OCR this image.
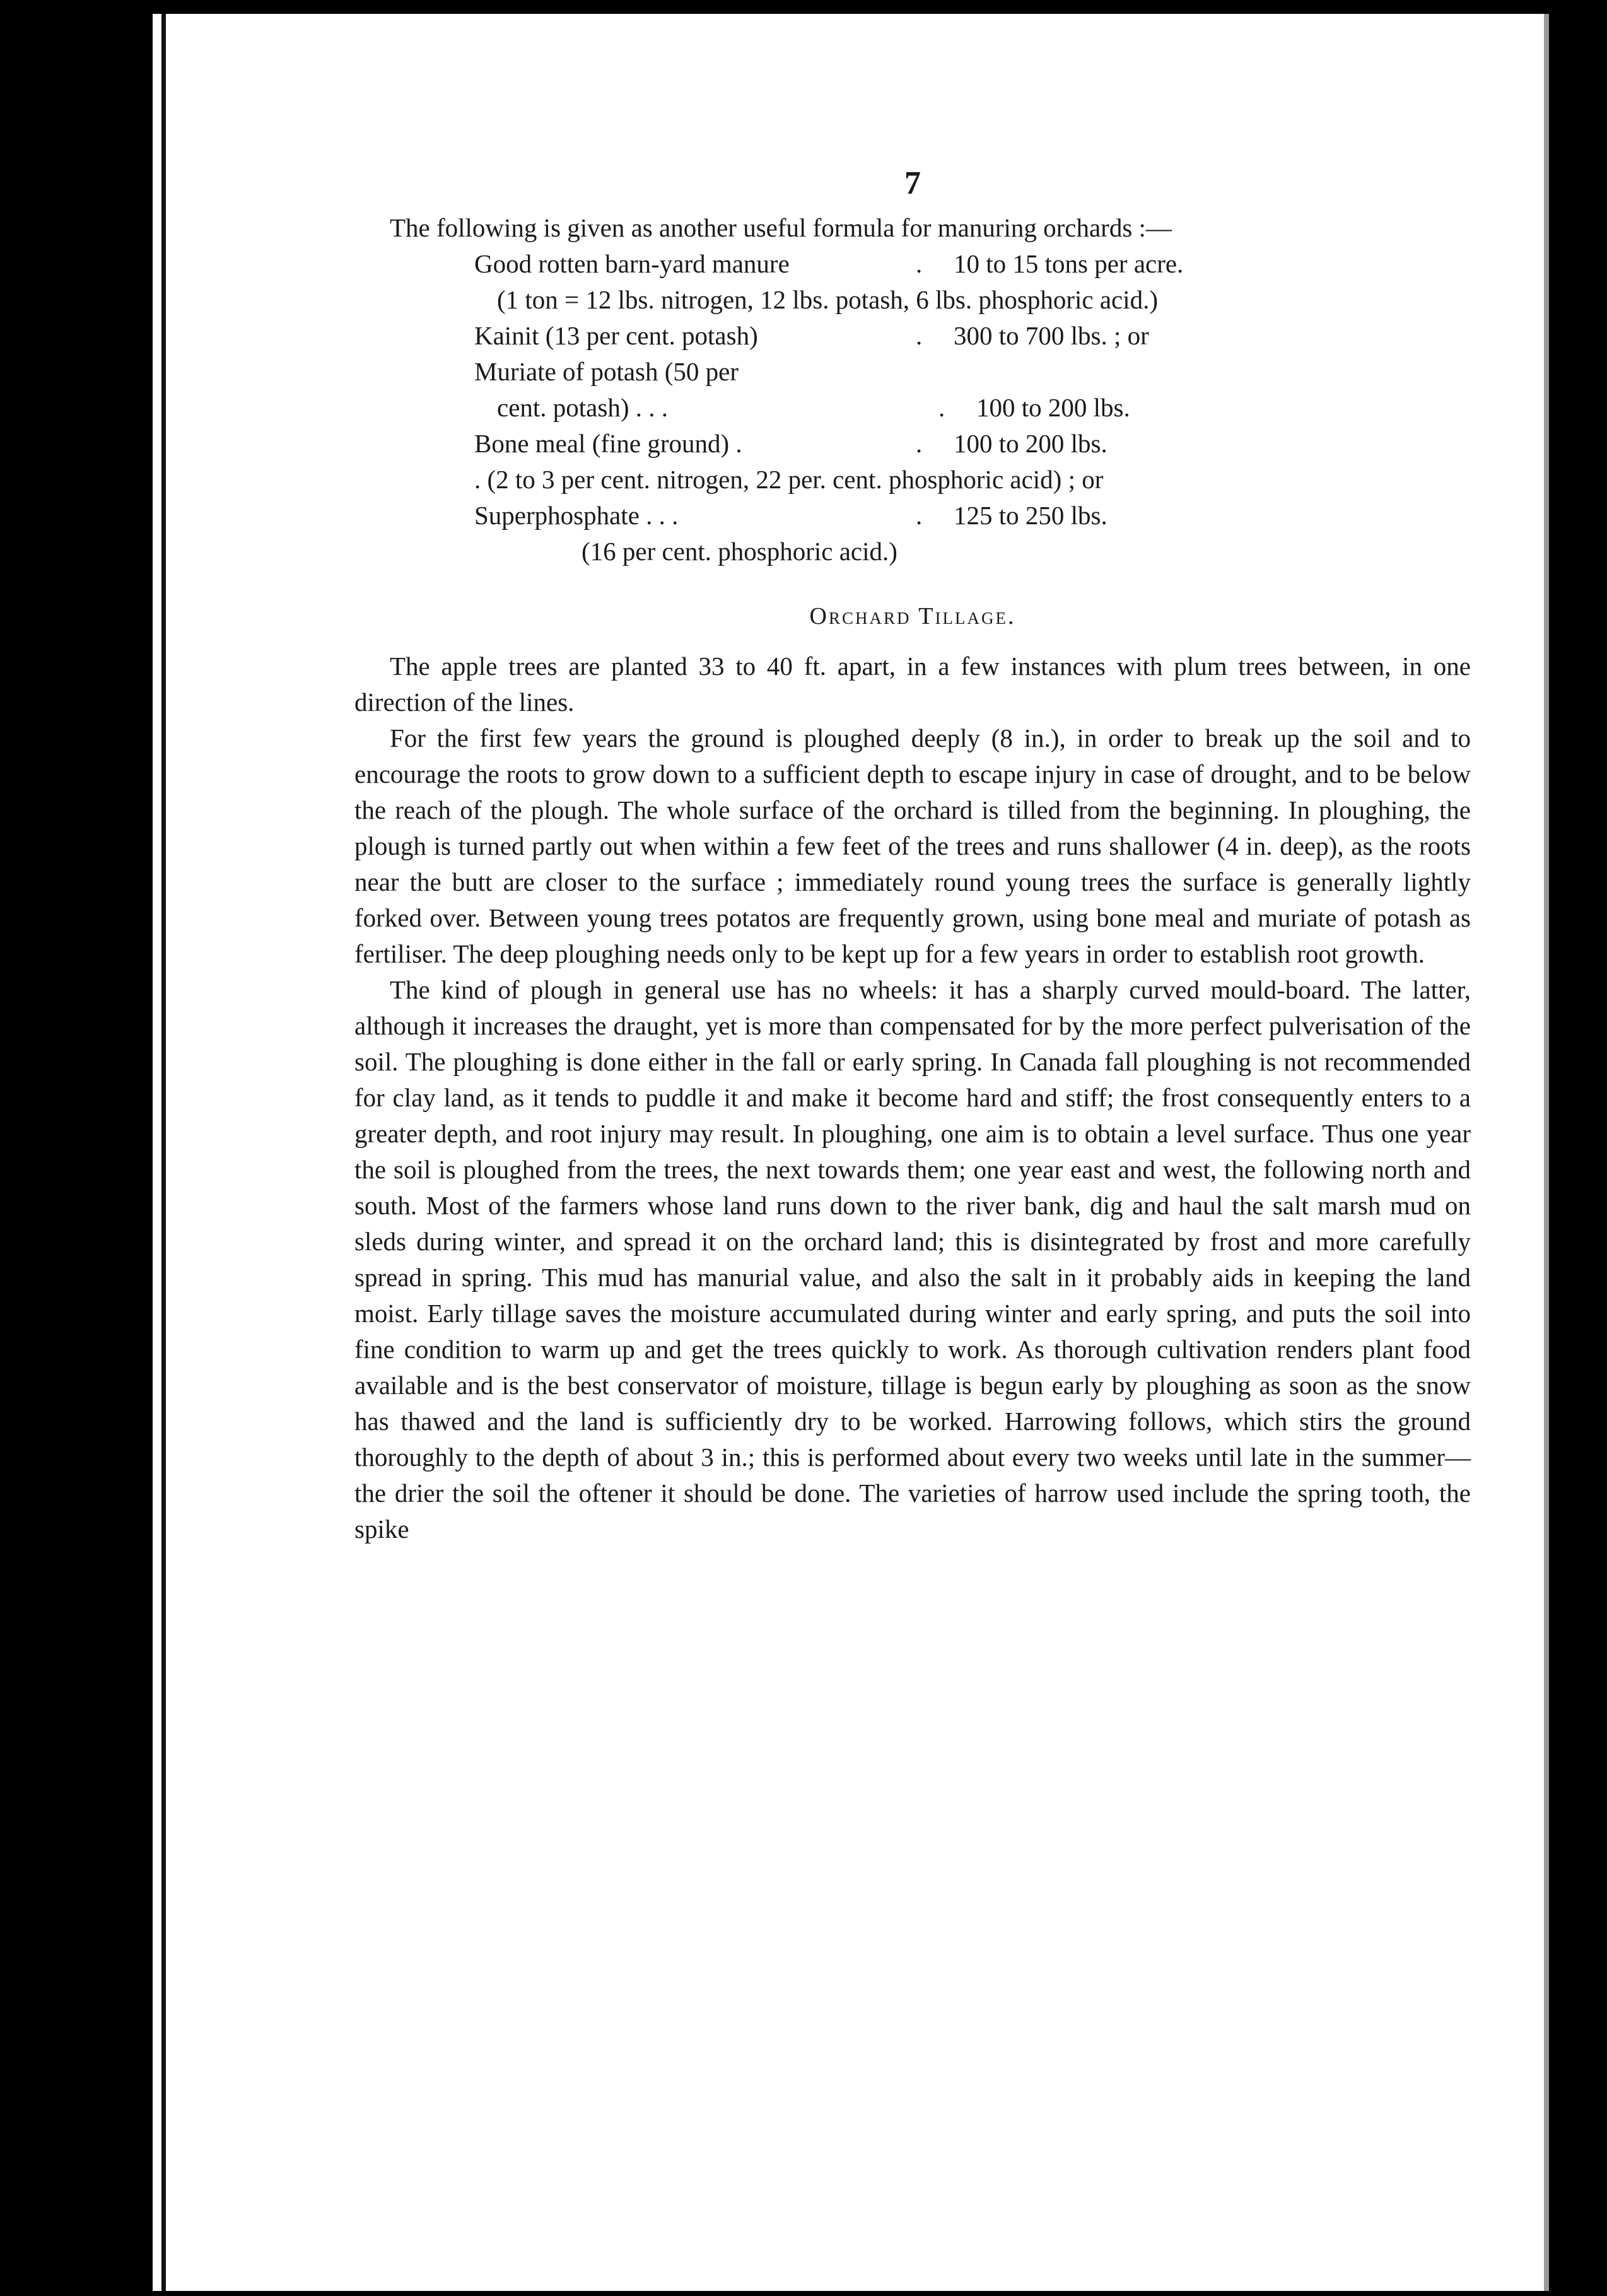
7

The following is given as another useful formula for manuring orchards :—

Good rotten barn-yard manure	.	10 to 15 tons per acre.
(1 ton = 12 lbs. nitrogen, 12 lbs. potash, 6 lbs. phosphoric acid.)
Kainit (13 per cent. potash)	.	300 to 700 lbs. ; or
Muriate of potash (50 per
cent. potash) . . .	.	100 to 200 lbs.
Bone meal (fine ground) .	.	100 to 200 lbs.
. (2 to 3 per cent. nitrogen, 22 per. cent. phosphoric acid) ; or
Superphosphate . . .	.	125 to 250 lbs.
(16 per cent. phosphoric acid.)
Orchard Tillage.

The apple trees are planted 33 to 40 ft. apart, in a few instances with plum trees between, in one direction of the lines.

For the first few years the ground is ploughed deeply (8 in.), in order to break up the soil and to encourage the roots to grow down to a sufficient depth to escape injury in case of drought, and to be below the reach of the plough. The whole surface of the orchard is tilled from the beginning. In ploughing, the plough is turned partly out when within a few feet of the trees and runs shallower (4 in. deep), as the roots near the butt are closer to the surface ; immediately round young trees the surface is generally lightly forked over. Between young trees potatos are frequently grown, using bone meal and muriate of potash as fertiliser. The deep ploughing needs only to be kept up for a few years in order to establish root growth.

The kind of plough in general use has no wheels: it has a sharply curved mould-board. The latter, although it increases the draught, yet is more than compensated for by the more perfect pulverisation of the soil. The ploughing is done either in the fall or early spring. In Canada fall ploughing is not recommended for clay land, as it tends to puddle it and make it become hard and stiff; the frost consequently enters to a greater depth, and root injury may result. In ploughing, one aim is to obtain a level surface. Thus one year the soil is ploughed from the trees, the next towards them; one year east and west, the following north and south. Most of the farmers whose land runs down to the river bank, dig and haul the salt marsh mud on sleds during winter, and spread it on the orchard land; this is disintegrated by frost and more carefully spread in spring. This mud has manurial value, and also the salt in it probably aids in keeping the land moist. Early tillage saves the moisture accumulated during winter and early spring, and puts the soil into fine condition to warm up and get the trees quickly to work. As thorough cultivation renders plant food available and is the best conservator of moisture, tillage is begun early by ploughing as soon as the snow has thawed and the land is sufficiently dry to be worked. Harrowing follows, which stirs the ground thoroughly to the depth of about 3 in.; this is performed about every two weeks until late in the summer—the drier the soil the oftener it should be done. The varieties of harrow used include the spring tooth, the spike
